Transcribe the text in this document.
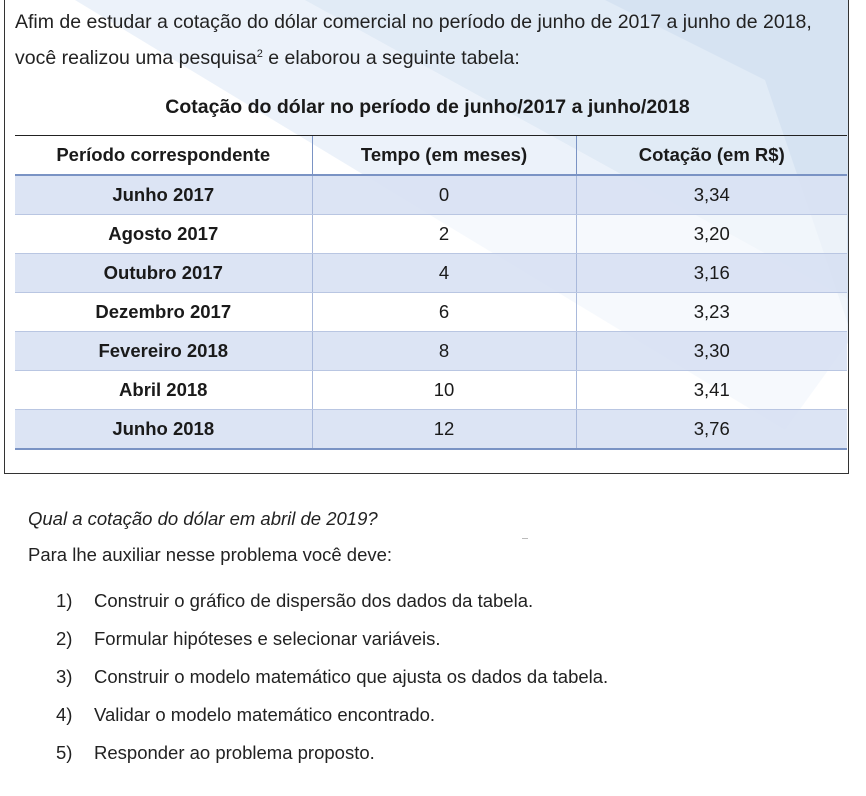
Afim de estudar a cotação do dólar comercial no período de junho de 2017 a junho de 2018, você realizou uma pesquisa$^2$ e elaborou a seguinte tabela:
Cotação do dólar no período de junho/2017 a junho/2018
Período correspondente	Tempo (em meses)	Cotação (em R$)
Junho 2017	0	3,34
Agosto 2017	2	3,20
Outubro 2017	4	3,16
Dezembro 2017	6	3,23
Fevereiro 2018	8	3,30
Abril 2018	10	3,41
Junho 2018	12	3,76
Qual a cotação do dólar em abril de 2019?
Para lhe auxiliar nesse problema você deve:
1) Construir o gráfico de dispersão dos dados da tabela.
2) Formular hipóteses e selecionar variáveis.
3) Construir o modelo matemático que ajusta os dados da tabela.
4) Validar o modelo matemático encontrado.
5) Responder ao problema proposto.
